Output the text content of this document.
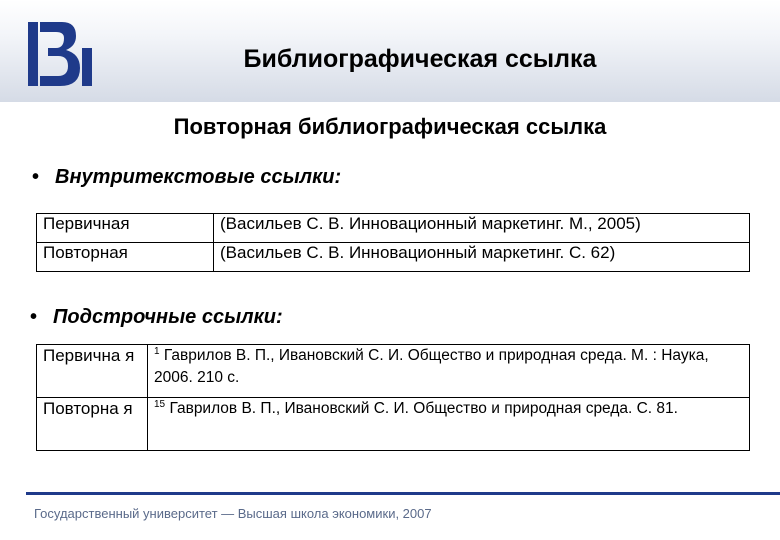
Библиографическая ссылка
Повторная библиографическая ссылка
• Внутритекстовые ссылки:
Первичная	(Васильев С. В. Инновационный маркетинг. М., 2005)
Повторная	(Васильев С. В. Инновационный маркетинг. С. 62)
• Подстрочные ссылки:
Первична я	$^1$ Гаврилов В. П., Ивановский С. И. Общество и природная среда. М. : Наука, 2006. 210 с.
Повторна я	$^{15}$ Гаврилов В. П., Ивановский С. И. Общество и природная среда. С. 81.
Государственный университет — Высшая школа экономики, 2007
